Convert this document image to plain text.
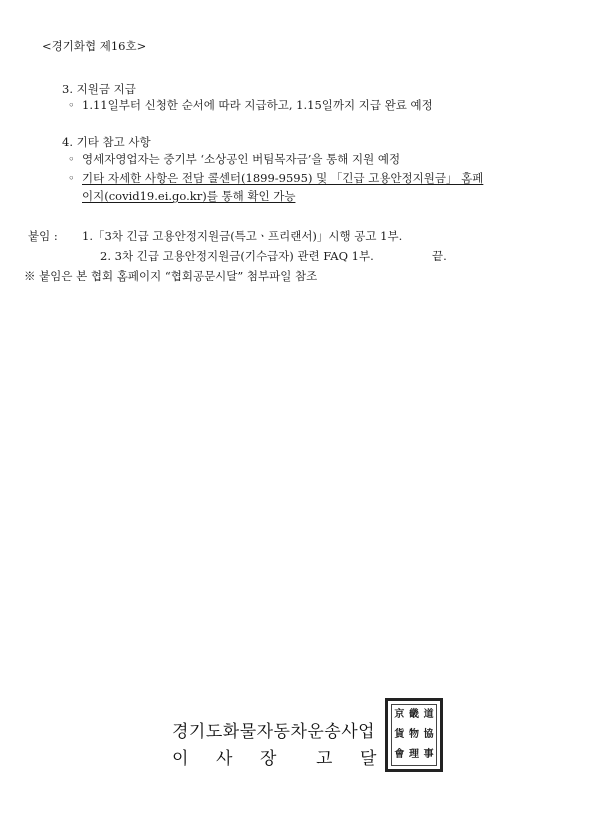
<경기화협 제16호>
3. 지원금 지급
◦ 1.11일부터 신청한 순서에 따라 지급하고, 1.15일까지 지급 완료 예정
4. 기타 참고 사항
◦ 영세자영업자는 중기부 ‘소상공인 버팀목자금’을 통해 지원 예정
◦ 기타 자세한 사항은 전담 콜센터(1899-9595) 및 「긴급 고용안정지원금」 홈페
이지(covid19.ei.go.kr)를 통해 확인 가능
붙임 : 1.「3차 긴급 고용안정지원금(특고ㆍ프리랜서)」시행 공고 1부.
2. 3차 긴급 고용안정지원금(기수급자) 관련 FAQ 1부.	끝.
※ 붙임은 본 협회 홈페이지 “협회공문시달” 첨부파일 참조
경기도화물자동차운송사업
이 사 장 고 달
京 畿 道
貨 物 協
會 理 事
